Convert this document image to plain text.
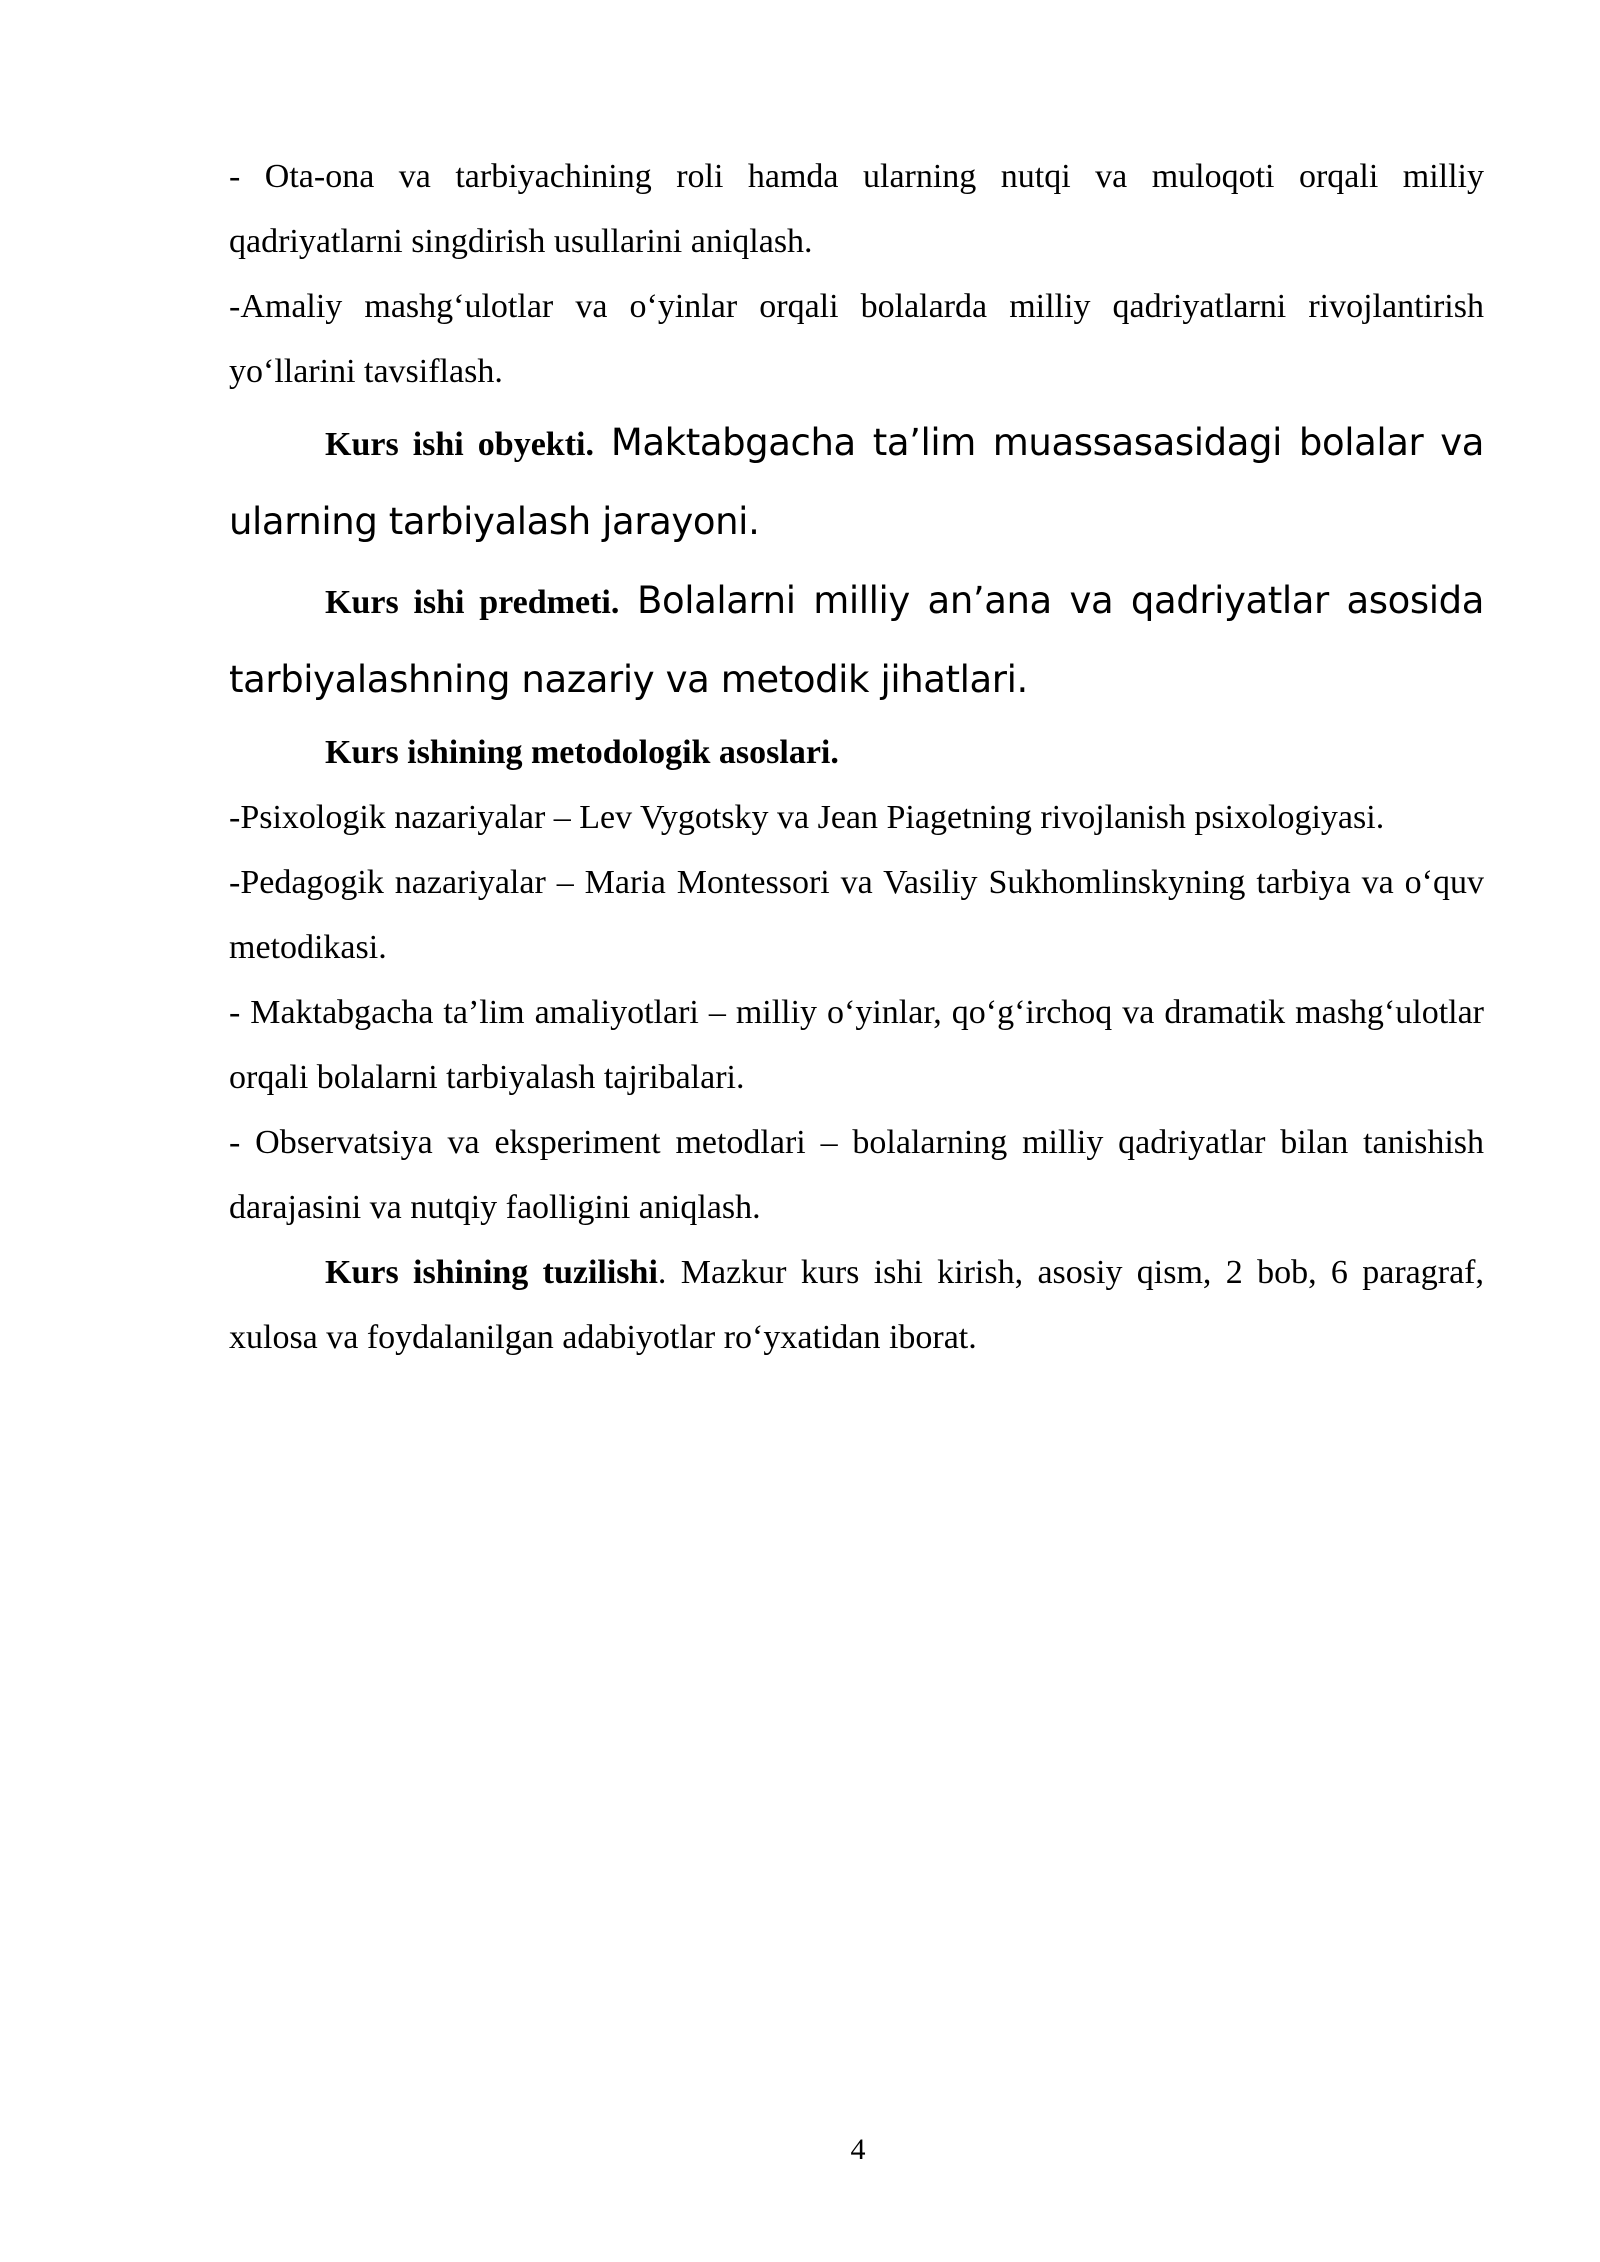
- Ota-ona va tarbiyachining roli hamda ularning nutqi va muloqoti orqali milliy qadriyatlarni singdirish usullarini aniqlash.

-Amaliy mashg‘ulotlar va o‘yinlar orqali bolalarda milliy qadriyatlarni rivojlantirish yo‘llarini tavsiflash.

Kurs ishi obyekti. Maktabgacha ta’lim muassasasidagi bolalar va ularning tarbiyalash jarayoni.

Kurs ishi predmeti. Bolalarni milliy an’ana va qadriyatlar asosida tarbiyalashning nazariy va metodik jihatlari.

Kurs ishining metodologik asoslari.

-Psixologik nazariyalar – Lev Vygotsky va Jean Piagetning rivojlanish psixologiyasi.

-Pedagogik nazariyalar – Maria Montessori va Vasiliy Sukhomlinskyning tarbiya va o‘quv metodikasi.

- Maktabgacha ta’lim amaliyotlari – milliy o‘yinlar, qo‘g‘irchoq va dramatik mashg‘ulotlar orqali bolalarni tarbiyalash tajribalari.

- Observatsiya va eksperiment metodlari – bolalarning milliy qadriyatlar bilan tanishish darajasini va nutqiy faolligini aniqlash.

Kurs ishining tuzilishi. Mazkur kurs ishi kirish, asosiy qism, 2 bob, 6 paragraf, xulosa va foydalanilgan adabiyotlar ro‘yxatidan iborat.

4
